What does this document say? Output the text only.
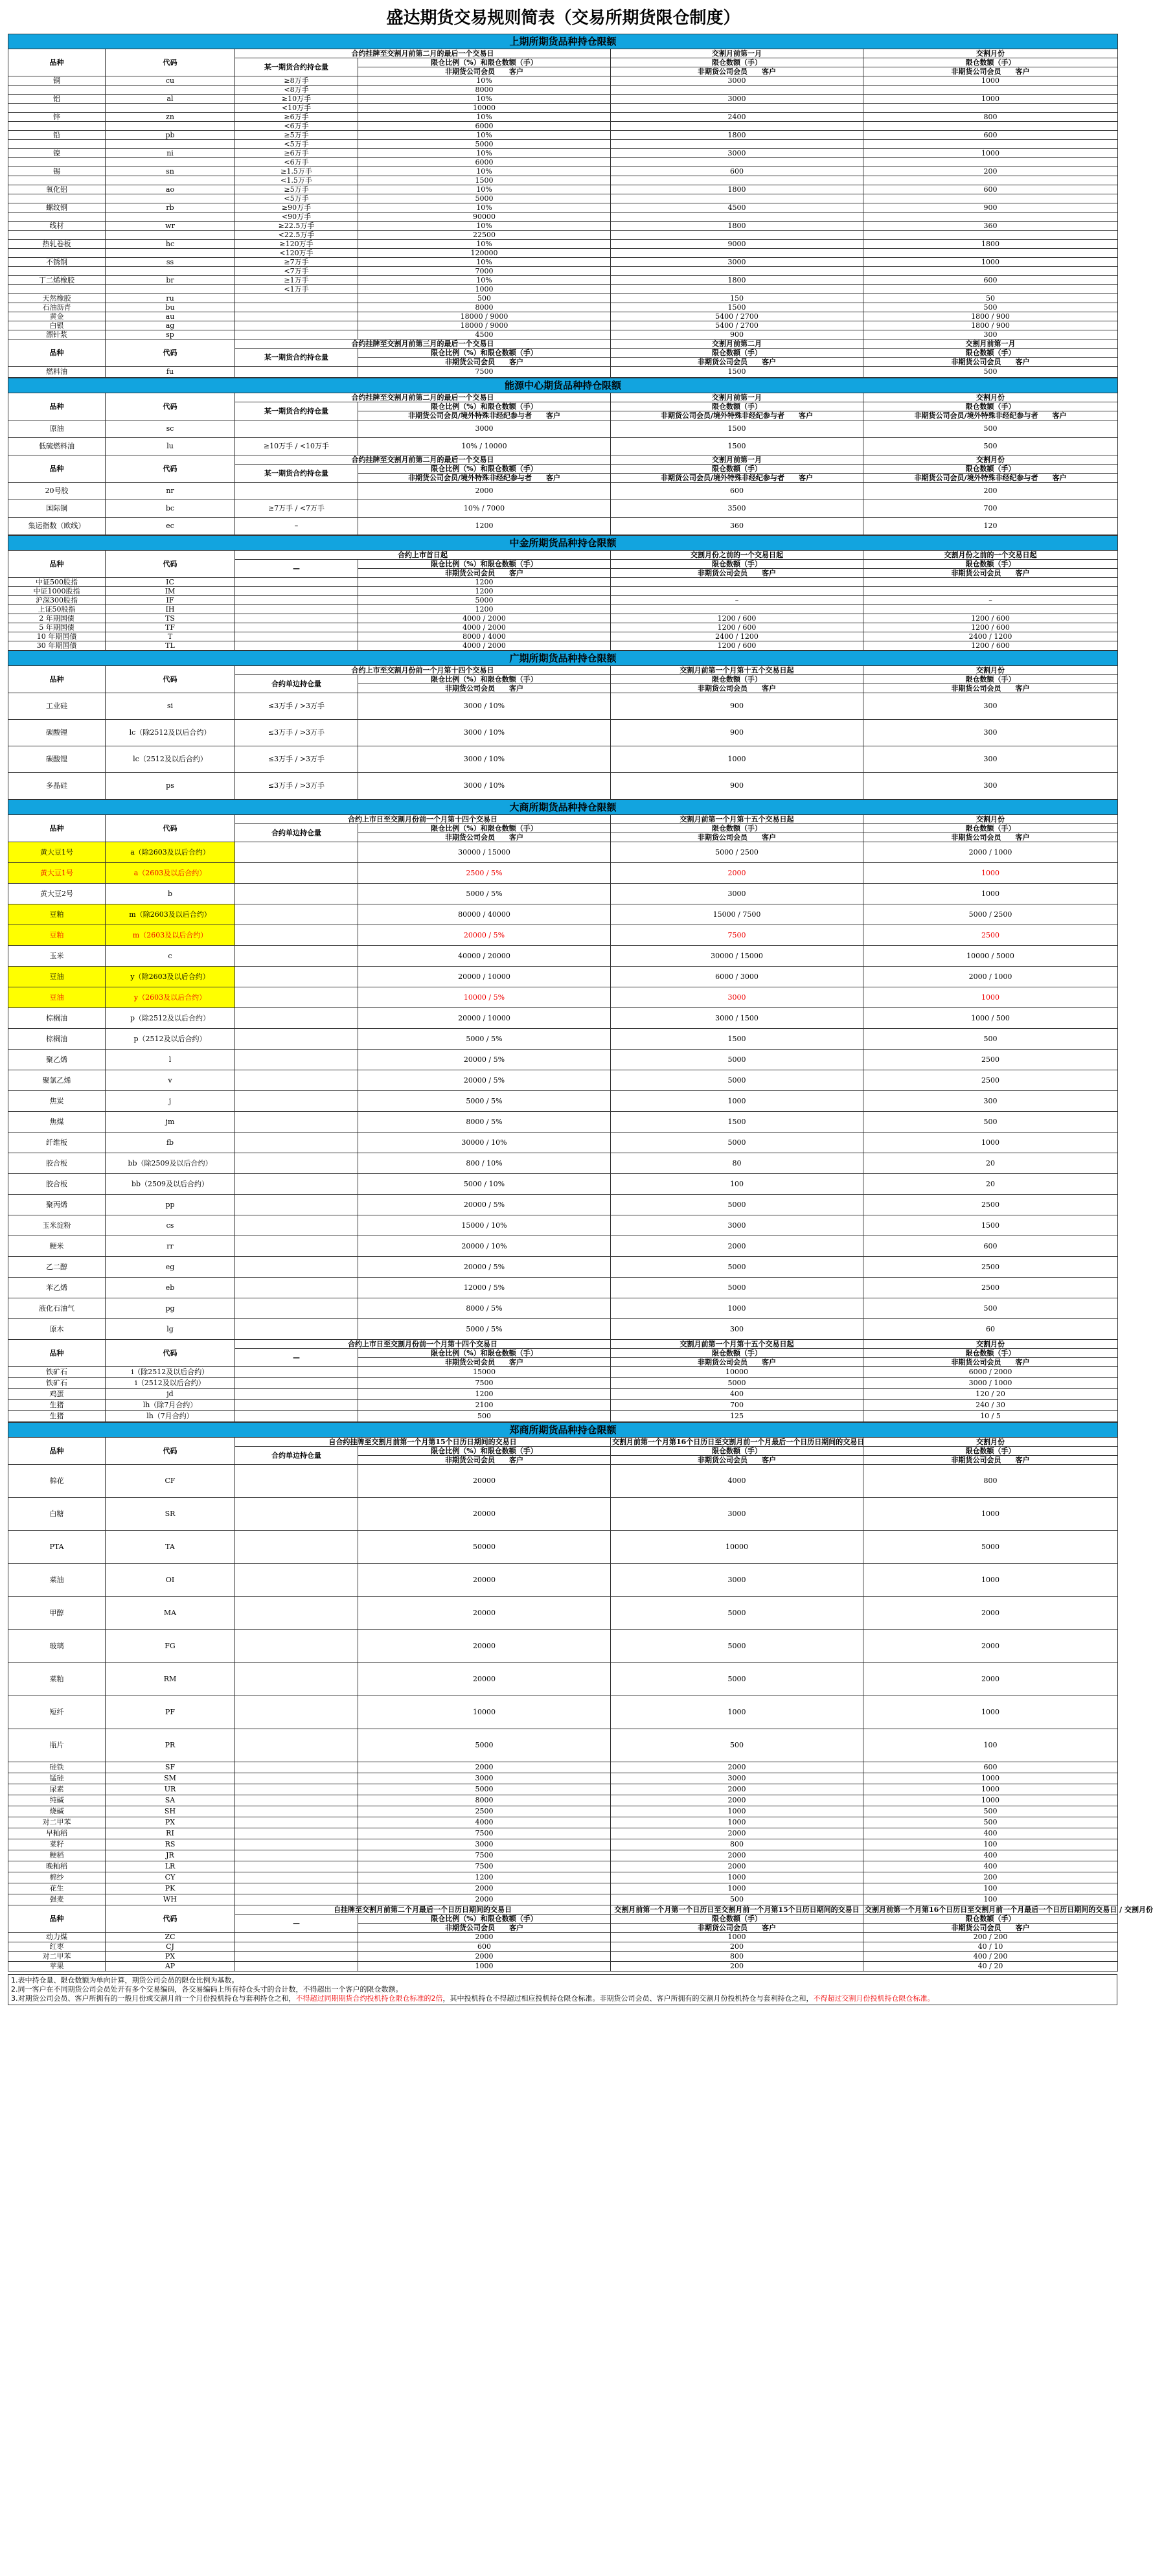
盛达期货交易规则简表（交易所期货限仓制度）
上期所期货品种持仓限额					
品种	代码	合约挂牌至交割月前第二月的最后一个交易日		交割月前第一月	交割月份
		某一期货合约持仓量	限仓比例（%）和限仓数额（手）	限仓数额（手）	限仓数额（手）
			非期货公司会员　　客户	非期货公司会员　　客户	非期货公司会员　　客户
铜	cu	≥8万手	10%	3000	1000
		<8万手	8000		
铝	al	≥10万手	10%	3000	1000
		<10万手	10000		
锌	zn	≥6万手	10%	2400	800
		<6万手	6000		
铅	pb	≥5万手	10%	1800	600
		<5万手	5000		
镍	ni	≥6万手	10%	3000	1000
		<6万手	6000		
锡	sn	≥1.5万手	10%	600	200
		<1.5万手	1500		
氧化铝	ao	≥5万手	10%	1800	600
		<5万手	5000		
螺纹钢	rb	≥90万手	10%	4500	900
		<90万手	90000		
线材	wr	≥22.5万手	10%	1800	360
		<22.5万手	22500		
热轧卷板	hc	≥120万手	10%	9000	1800
		<120万手	120000		
不锈钢	ss	≥7万手	10%	3000	1000
		<7万手	7000		
丁二烯橡胶	br	≥1万手	10%	1800	600
		<1万手	1000		
天然橡胶	ru		500	150	50
石油沥青	bu		8000	1500	500
黄金	au		18000 / 9000	5400 / 2700	1800 / 900
白银	ag		18000 / 9000	5400 / 2700	1800 / 900
漂针浆	sp		4500	900	300
品种	代码	合约挂牌至交割月前第三月的最后一个交易日		交割月前第二月	交割月前第一月
		某一期货合约持仓量	限仓比例（%）和限仓数额（手）	限仓数额（手）	限仓数额（手）
			非期货公司会员　　客户	非期货公司会员　　客户	非期货公司会员　　客户
燃料油	fu		7500	1500	500
能源中心期货品种持仓限额					
品种	代码	合约挂牌至交割月前第二月的最后一个交易日		交割月前第一月	交割月份
		某一期货合约持仓量	限仓比例（%）和限仓数额（手）	限仓数额（手）	限仓数额（手）
			非期货公司会员/境外特殊非经纪参与者　　客户	非期货公司会员/境外特殊非经纪参与者　　客户	非期货公司会员/境外特殊非经纪参与者　　客户
原油	sc		3000	1500	500
低硫燃料油	lu	≥10万手 / <10万手	10% / 10000	1500	500
品种	代码	合约挂牌至交割月前第二月的最后一个交易日		交割月前第一月	交割月份
		某一期货合约持仓量	限仓比例（%）和限仓数额（手）	限仓数额（手）	限仓数额（手）
			非期货公司会员/境外特殊非经纪参与者　　客户	非期货公司会员/境外特殊非经纪参与者　　客户	非期货公司会员/境外特殊非经纪参与者　　客户
20号胶	nr		2000	600	200
国际铜	bc	≥7万手 / <7万手	10% / 7000	3500	700
集运指数（欧线）	ec	–	1200	360	120
中金所期货品种持仓限额					
品种	代码	合约上市首日起		交割月份之前的一个交易日起	交割月份之前的一个交易日起
		—	限仓比例（%）和限仓数额（手）	限仓数额（手）	限仓数额（手）
			非期货公司会员　　客户	非期货公司会员　　客户	非期货公司会员　　客户
中证500股指	IC		1200		
中证1000股指	IM		1200		
沪深300股指	IF		5000	–	–
上证50股指	IH		1200		
2 年期国债	TS		4000 / 2000	1200 / 600	1200 / 600
5 年期国债	TF		4000 / 2000	1200 / 600	1200 / 600
10 年期国债	T		8000 / 4000	2400 / 1200	2400 / 1200
30 年期国债	TL		4000 / 2000	1200 / 600	1200 / 600
广期所期货品种持仓限额					
品种	代码	合约上市至交割月份前一个月第十四个交易日		交割月前第一个月第十五个交易日起	交割月份
		合约单边持仓量	限仓比例（%）和限仓数额（手）	限仓数额（手）	限仓数额（手）
			非期货公司会员　　客户	非期货公司会员　　客户	非期货公司会员　　客户
工业硅	si	≤3万手 / >3万手	3000 / 10%	900	300
碳酸锂	lc（除2512及以后合约）	≤3万手 / >3万手	3000 / 10%	900	300
碳酸锂	lc（2512及以后合约）	≤3万手 / >3万手	3000 / 10%	1000	300
多晶硅	ps	≤3万手 / >3万手	3000 / 10%	900	300
大商所期货品种持仓限额					
品种	代码	合约上市日至交割月份前一个月第十四个交易日		交割月前第一个月第十五个交易日起	交割月份
		合约单边持仓量	限仓比例（%）和限仓数额（手）	限仓数额（手）	限仓数额（手）
			非期货公司会员　　客户	非期货公司会员　　客户	非期货公司会员　　客户
黄大豆1号	a（除2603及以后合约）		30000 / 15000	5000 / 2500	2000 / 1000
黄大豆1号	a（2603及以后合约）		2500 / 5%	2000	1000
黄大豆2号	b		5000 / 5%	3000	1000
豆粕	m（除2603及以后合约）		80000 / 40000	15000 / 7500	5000 / 2500
豆粕	m（2603及以后合约）		20000 / 5%	7500	2500
玉米	c		40000 / 20000	30000 / 15000	10000 / 5000
豆油	y（除2603及以后合约）		20000 / 10000	6000 / 3000	2000 / 1000
豆油	y（2603及以后合约）		10000 / 5%	3000	1000
棕榈油	p（除2512及以后合约）		20000 / 10000	3000 / 1500	1000 / 500
棕榈油	p（2512及以后合约）		5000 / 5%	1500	500
聚乙烯	l		20000 / 5%	5000	2500
聚氯乙烯	v		20000 / 5%	5000	2500
焦炭	j		5000 / 5%	1000	300
焦煤	jm		8000 / 5%	1500	500
纤维板	fb		30000 / 10%	5000	1000
胶合板	bb（除2509及以后合约）		800 / 10%	80	20
胶合板	bb（2509及以后合约）		5000 / 10%	100	20
聚丙烯	pp		20000 / 5%	5000	2500
玉米淀粉	cs		15000 / 10%	3000	1500
粳米	rr		20000 / 10%	2000	600
乙二醇	eg		20000 / 5%	5000	2500
苯乙烯	eb		12000 / 5%	5000	2500
液化石油气	pg		8000 / 5%	1000	500
原木	lg		5000 / 5%	300	60
品种	代码	合约上市日至交割月份前一个月第十四个交易日		交割月前第一个月第十五个交易日起	交割月份
		—	限仓比例（%）和限仓数额（手）	限仓数额（手）	限仓数额（手）
			非期货公司会员　　客户	非期货公司会员　　客户	非期货公司会员　　客户
铁矿石	i（除2512及以后合约）		15000	10000	6000 / 2000
铁矿石	i（2512及以后合约）		7500	5000	3000 / 1000
鸡蛋	jd		1200	400	120 / 20
生猪	lh（除7月合约）		2100	700	240 / 30
生猪	lh（7月合约）		500	125	10 / 5
郑商所期货品种持仓限额					
品种	代码	自合约挂牌至交割月前第一个月第15个日历日期间的交易日		交割月前第一个月第16个日历日至交割月前一个月最后一个日历日期间的交易日	交割月份
		合约单边持仓量	限仓比例（%）和限仓数额（手）	限仓数额（手）	限仓数额（手）
			非期货公司会员　　客户	非期货公司会员　　客户	非期货公司会员　　客户
棉花	CF		20000	4000	800
白糖	SR		20000	3000	1000
PTA	TA		50000	10000	5000
菜油	OI		20000	3000	1000
甲醇	MA		20000	5000	2000
玻璃	FG		20000	5000	2000
菜粕	RM		20000	5000	2000
短纤	PF		10000	1000	1000
瓶片	PR		5000	500	100
硅铁	SF		2000	2000	600
锰硅	SM		3000	3000	1000
尿素	UR		5000	2000	1000
纯碱	SA		8000	2000	1000
烧碱	SH		2500	1000	500
对二甲苯	PX		4000	1000	500
早籼稻	RI		7500	2000	400
菜籽	RS		3000	800	100
粳稻	JR		7500	2000	400
晚籼稻	LR		7500	2000	400
棉纱	CY		1200	1000	200
花生	PK		2000	1000	100
强麦	WH		2000	500	100
品种	代码	自挂牌至交割月前第二个月最后一个日历日期间的交易日		交割月前第一个月第一个日历日至交割月前一个月第15个日历日期间的交易日	交割月前第一个月第16个日历日至交割月前一个月最后一个日历日期间的交易日 / 交割月份
		—	限仓比例（%）和限仓数额（手）	限仓数额（手）	限仓数额（手）
			非期货公司会员　　客户	非期货公司会员　　客户	非期货公司会员　　客户
动力煤	ZC		2000	1000	200 / 200
红枣	CJ		600	200	40 / 10
对二甲苯	PX		2000	800	400 / 200
苹果	AP		1000	200	40 / 20
1.表中持仓量、限仓数额为单向计算，期货公司会员的限仓比例为基数。
2.同一客户在不同期货公司会员处开有多个交易编码，各交易编码上所有持仓头寸的合计数，不得超出一个客户的限仓数额。
3.对期货公司会员、客户所拥有的一般月份或交割月前一个月份投机持仓与套利持仓之和，不得超过同期期货合约投机持仓限仓标准的2倍，其中投机持仓不得超过相应投机持仓限仓标准。非期货公司会员、客户所拥有的交割月份投机持仓与套利持仓之和，不得超过交割月份投机持仓限仓标准。
